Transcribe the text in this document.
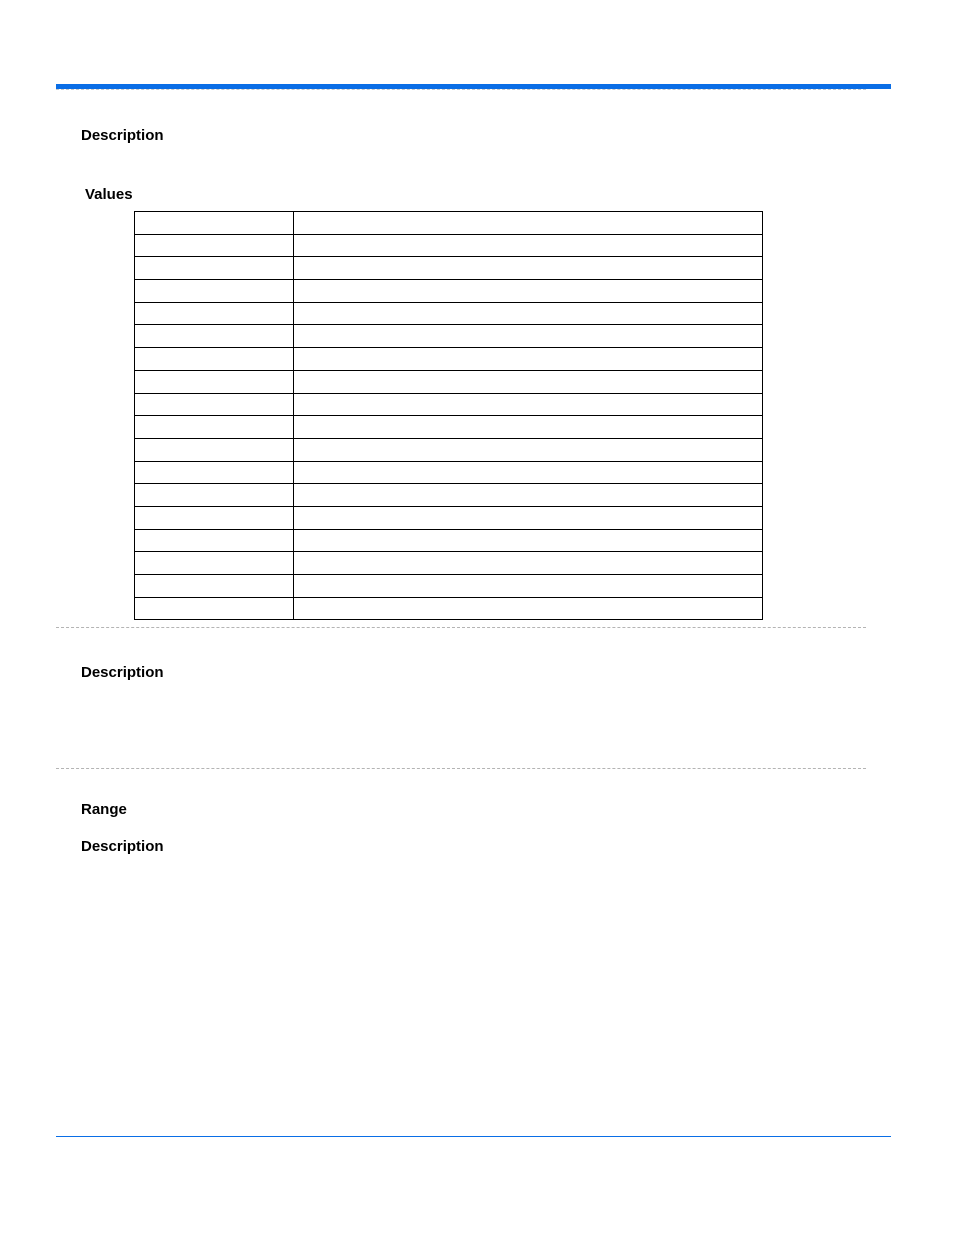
Description
Values

Description
Range
Description
